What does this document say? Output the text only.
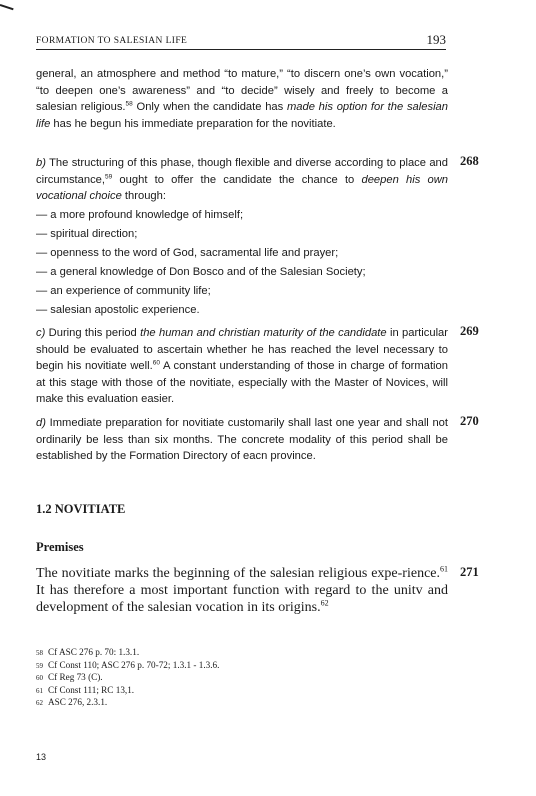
FORMATION TO SALESIAN LIFE	193

general, an atmosphere and method “to mature,” “to discern one’s own vocation,” “to deepen one’s awareness” and “to decide” wisely and freely to become a salesian religious.$^{58}$ Only when the candidate has made his option for the salesian life has he begun his immediate preparation for the novitiate.

268

b) The structuring of this phase, though flexible and diverse according to place and circumstance,$^{59}$ ought to offer the candidate the chance to deepen his own vocational choice through:

— a more profound knowledge of himself;

— spiritual direction;

— openness to the word of God, sacramental life and prayer;

— a general knowledge of Don Bosco and of the Salesian Society;

— an experience of community life;

— salesian apostolic experience.

269

c) During this period the human and christian maturity of the candidate in particular should be evaluated to ascertain whether he has reached the level necessary to begin his novitiate well.$^{60}$ A constant understanding of those in charge of formation at this stage with those of the novitiate, especially with the Master of Novices, will make this evaluation easier.

270

d) Immediate preparation for novitiate customarily shall last one year and shall not ordinarily be less than six months. The concrete modality of this period shall be established by the Formation Directory of eacn province.

1.2 NOVITIATE
Premises
271

The novitiate marks the beginning of the salesian religious expe-rience.$^{61}$ It has therefore a most important function with regard to the unitv and development of the salesian vocation in its origins.$^{62}$

58 Cf ASC 276 p. 70: 1.3.1.

59 Cf Const 110; ASC 276 p. 70-72; 1.3.1 - 1.3.6.

60 Cf Reg 73 (C).

61 Cf Const 111; RC 13,1.

62 ASC 276, 2.3.1.

13
